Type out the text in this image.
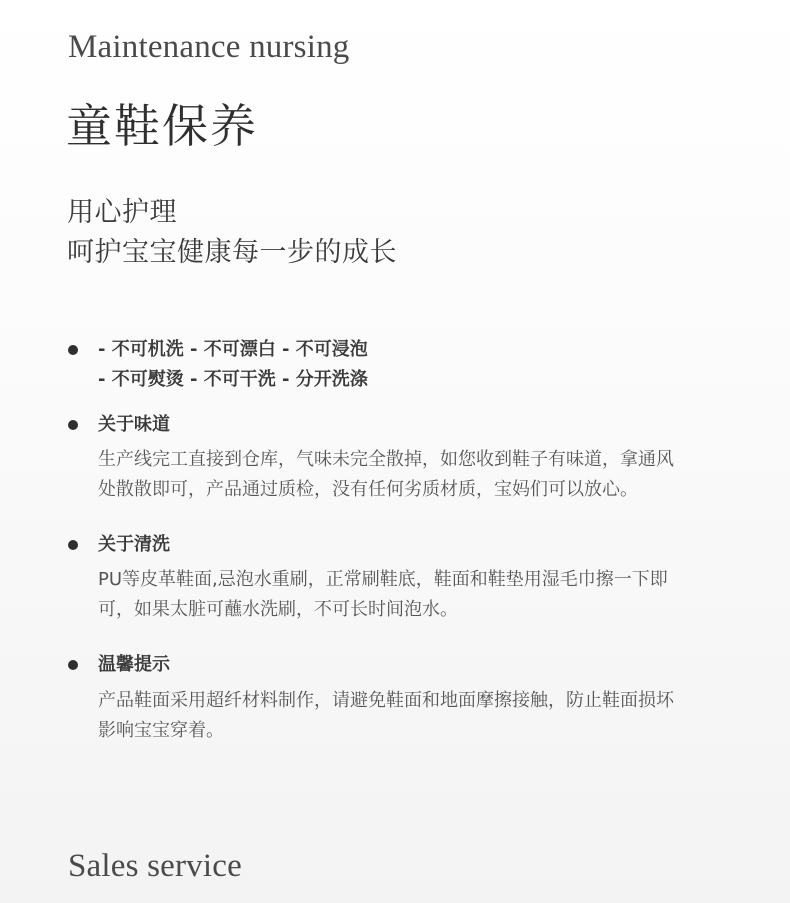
Maintenance nursing
童鞋保养
用心护理
呵护宝宝健康每一步的成长
- 不可机洗 - 不可漂白 - 不可浸泡
- 不可熨烫 - 不可干洗 - 分开洗涤
关于味道
生产线完工直接到仓库，气味未完全散掉，如您收到鞋子有味道，拿通风
处散散即可，产品通过质检，没有任何劣质材质，宝妈们可以放心。
关于清洗
PU等皮革鞋面,忌泡水重刷，正常刷鞋底，鞋面和鞋垫用湿毛巾擦一下即
可，如果太脏可蘸水洗刷，不可长时间泡水。
温馨提示
产品鞋面采用超纤材料制作，请避免鞋面和地面摩擦接触，防止鞋面损坏
影响宝宝穿着。
Sales service
